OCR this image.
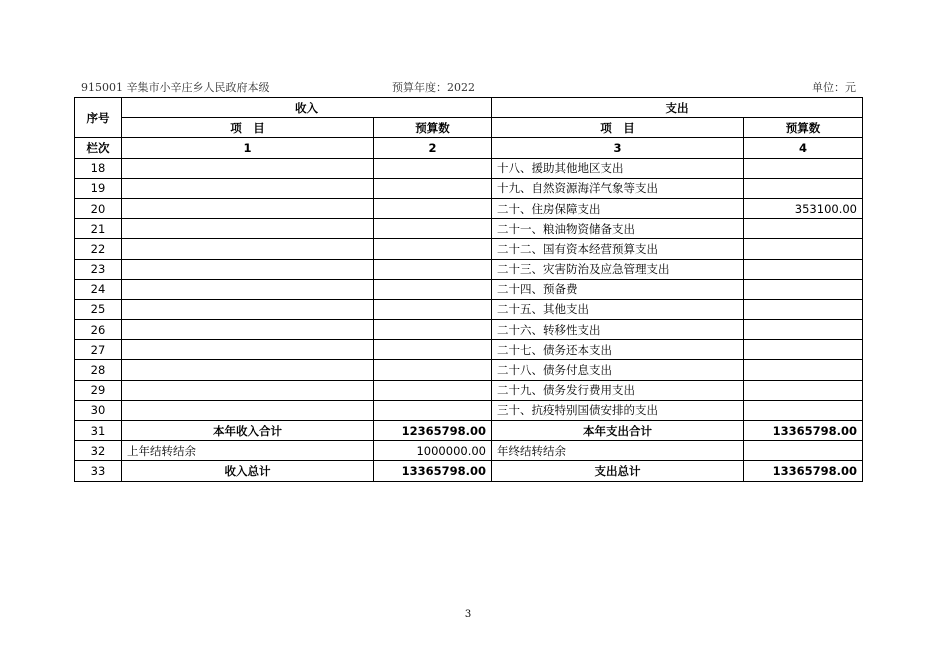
915001 辛集市小辛庄乡人民政府本级	预算年度：2022	单位：元
序号	收入		支出	
	项　目	预算数	项　目	预算数
栏次	1	2	3	4
18			十八、援助其他地区支出	
19			十九、自然资源海洋气象等支出	
20			二十、住房保障支出	353100.00
21			二十一、粮油物资储备支出	
22			二十二、国有资本经营预算支出	
23			二十三、灾害防治及应急管理支出	
24			二十四、预备费	
25			二十五、其他支出	
26			二十六、转移性支出	
27			二十七、债务还本支出	
28			二十八、债务付息支出	
29			二十九、债务发行费用支出	
30			三十、抗疫特别国债安排的支出	
31	本年收入合计	12365798.00	本年支出合计	13365798.00
32	上年结转结余	1000000.00	年终结转结余	
33	收入总计	13365798.00	支出总计	13365798.00
3
